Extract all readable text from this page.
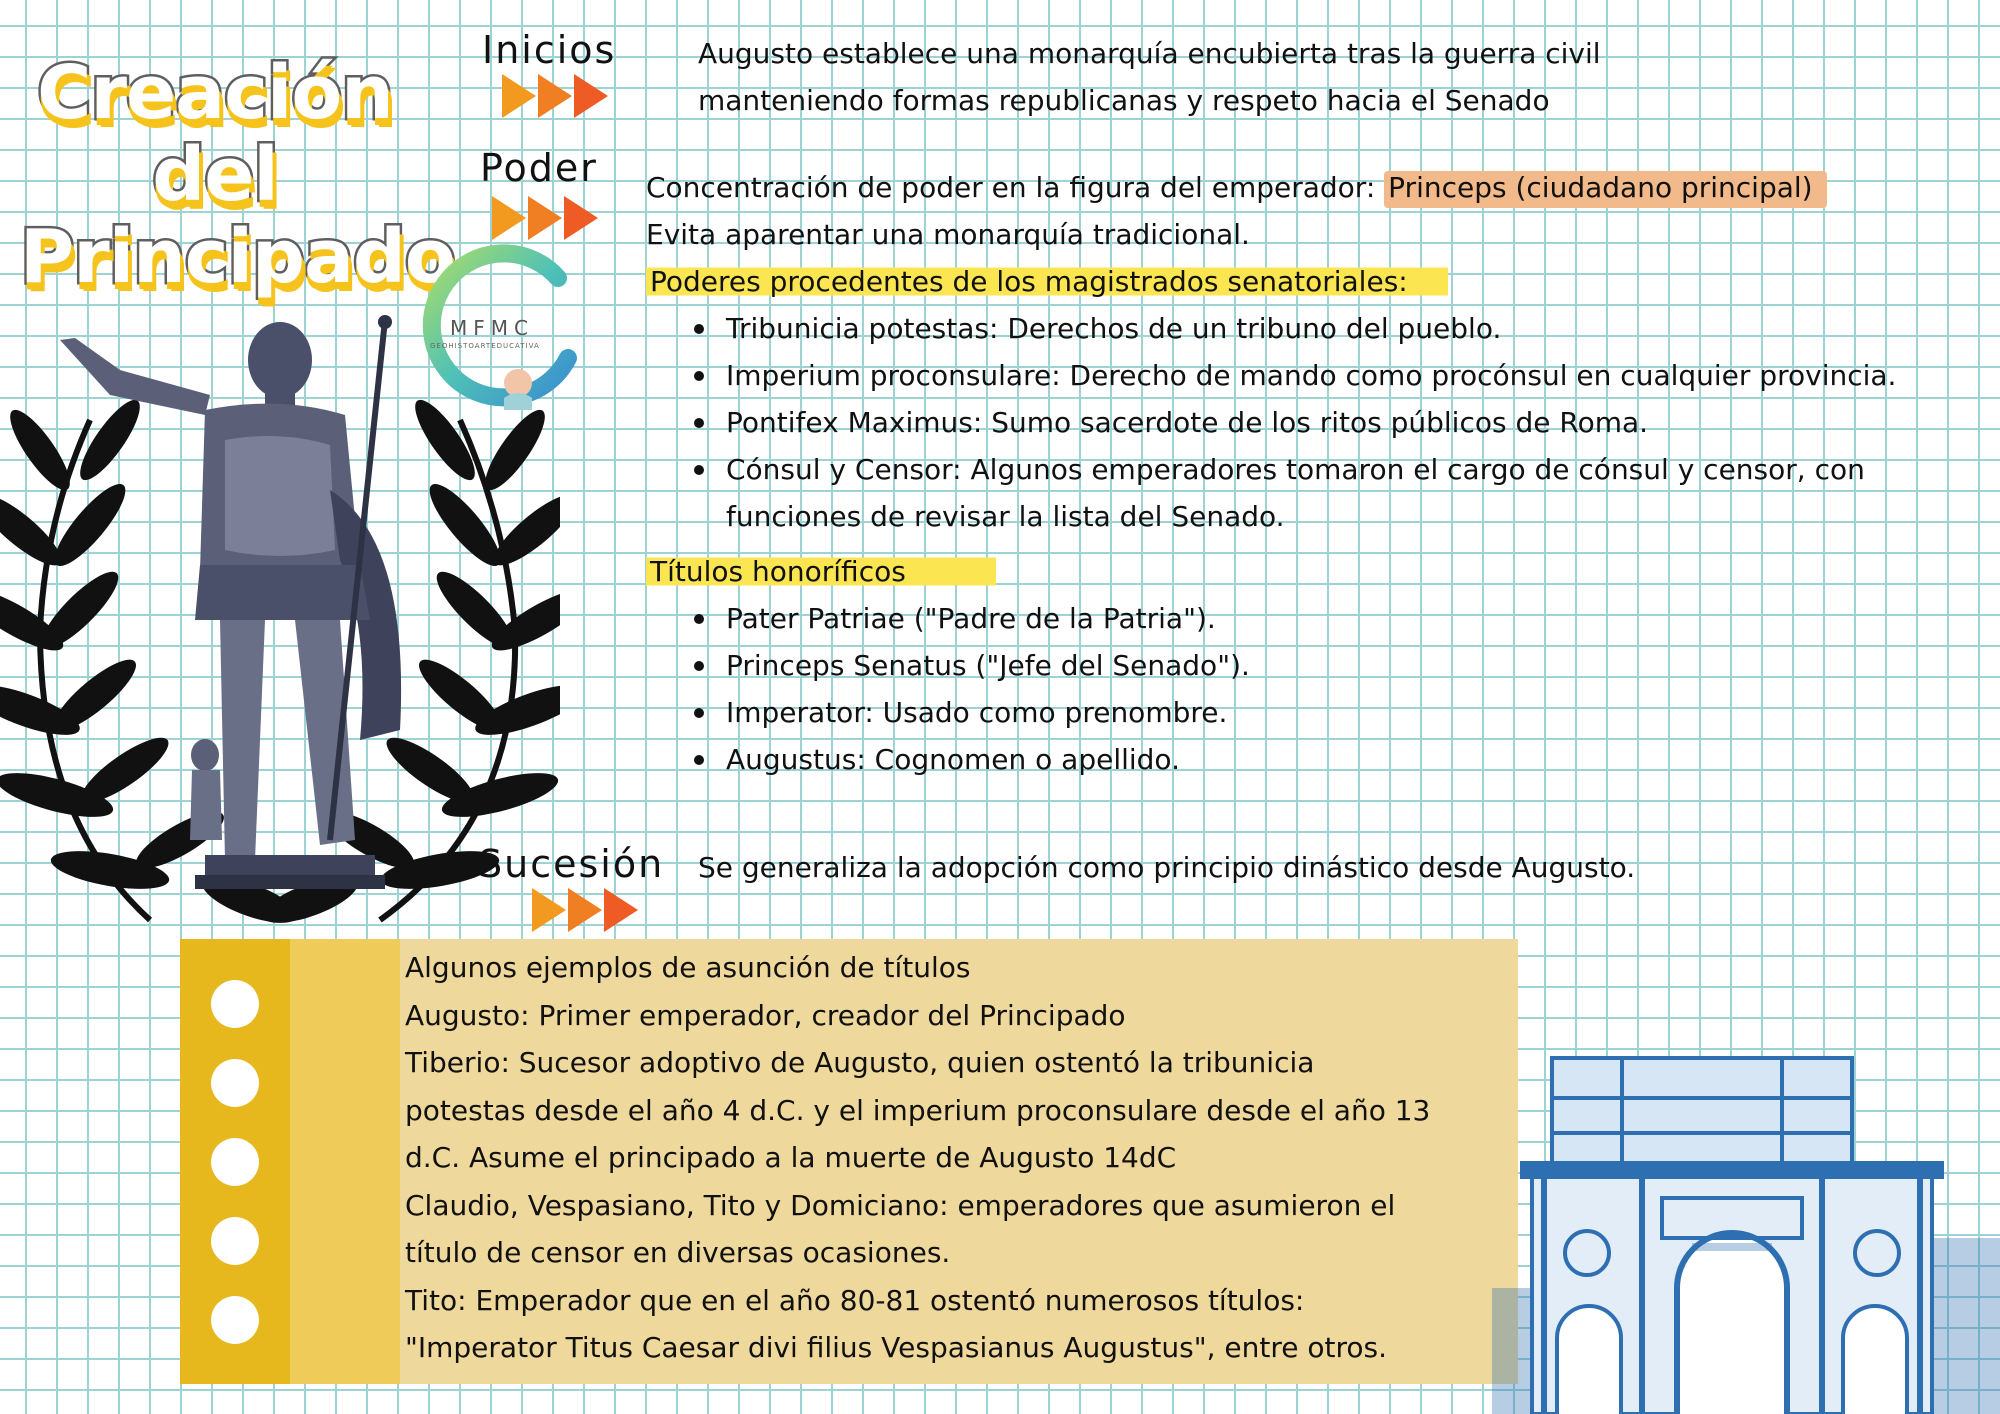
Creación
del
Principado
MFMC
GEOHISTOARTEDUCATIVA
Inicios	Augusto establece una monarquía encubierta tras la guerra civil
manteniendo formas republicanas y respeto hacia el Senado
Poder Concentración de poder en la figura del emperador: Princeps (ciudadano principal)
Evita aparentar una monarquía tradicional.
Poderes procedentes de los magistrados senatoriales:
Tribunicia potestas: Derechos de un tribuno del pueblo.
Imperium proconsulare: Derecho de mando como procónsul en cualquier provincia.
Pontifex Maximus: Sumo sacerdote de los ritos públicos de Roma.
Cónsul y Censor: Algunos emperadores tomaron el cargo de cónsul y censor, con
funciones de revisar la lista del Senado.
Títulos honoríficos
Pater Patriae ("Padre de la Patria").
Princeps Senatus ("Jefe del Senado").
Imperator: Usado como prenombre.
Augustus: Cognomen o apellido.
Sucesión Se generaliza la adopción como principio dinástico desde Augusto.
Algunos ejemplos de asunción de títulos
Augusto: Primer emperador, creador del Principado
Tiberio: Sucesor adoptivo de Augusto, quien ostentó la tribunicia
potestas desde el año 4 d.C. y el imperium proconsulare desde el año 13
d.C. Asume el principado a la muerte de Augusto 14dC
Claudio, Vespasiano, Tito y Domiciano: emperadores que asumieron el
título de censor en diversas ocasiones.
Tito: Emperador que en el año 80-81 ostentó numerosos títulos:
"Imperator Titus Caesar divi filius Vespasianus Augustus", entre otros.
